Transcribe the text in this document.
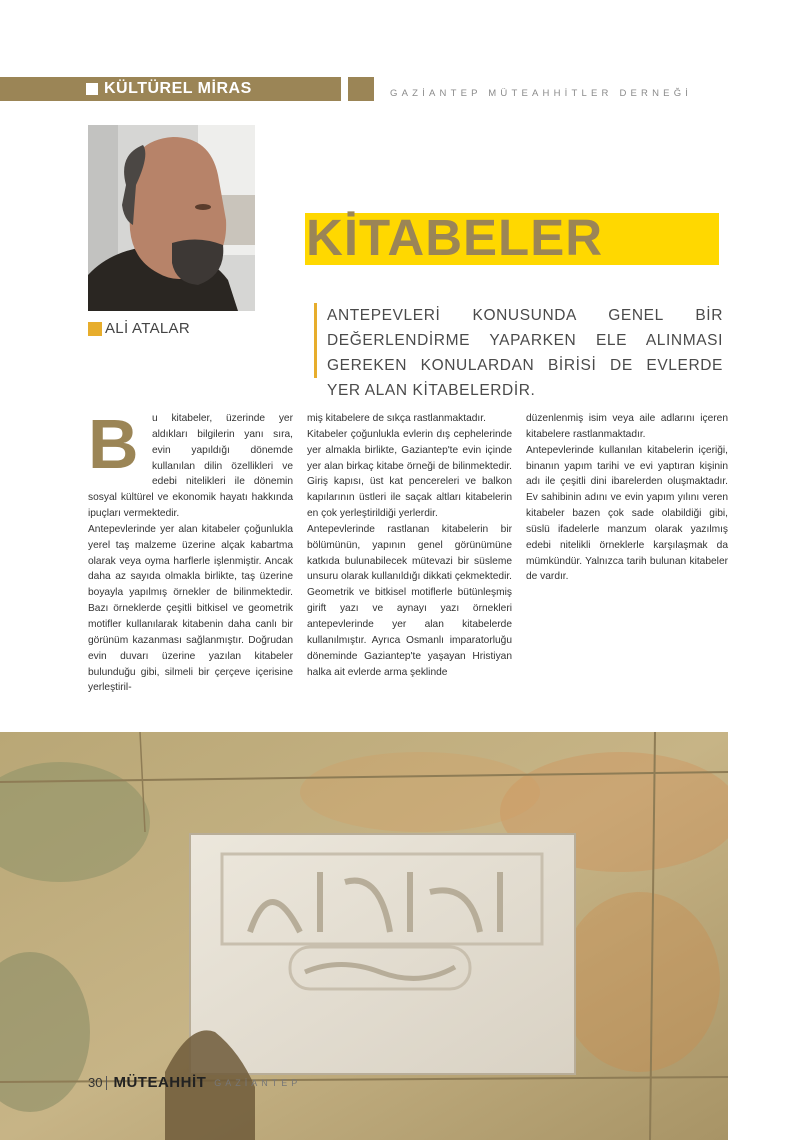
KÜLTÜREL MİRAS	GAZİANTEP MÜTEAHHİTLER DERNEĞİ
ALİ ATALAR
KİTABELER
ANTEPEVLERİ KONUSUNDA GENEL BİR DEĞERLENDİRME YAPARKEN ELE ALINMASI GEREKEN KONULARDAN BİRİSİ DE EVLERDE YER ALAN KİTABELERDİR.
B	u kitabeler, üzerinde yer aldıkları bilgilerin yanı sıra, evin yapıldığı dönemde kullanılan dilin özellikleri ve edebi nitelikleri ile dönemin sosyal kültürel ve ekonomik hayatı hakkında ipuçları vermektedir.

Antepevlerinde yer alan kitabeler çoğunlukla yerel taş malzeme üzerine alçak kabartma olarak veya oyma harflerle işlenmiştir. Ancak daha az sayıda olmakla birlikte, taş üzerine boyayla yapılmış örnekler de bilinmektedir. Bazı örneklerde çeşitli bitkisel ve geometrik motifler kullanılarak kitabenin daha canlı bir görünüm kazanması sağlanmıştır. Doğrudan evin duvarı üzerine yazılan kitabeler bulunduğu gibi, silmeli bir çerçeve içerisine yerleştiril-

miş kitabelere de sıkça rastlanmaktadır.

Kitabeler çoğunlukla evlerin dış cephelerinde yer almakla birlikte, Gaziantep'te evin içinde yer alan birkaç kitabe örneği de bilinmektedir. Giriş kapısı, üst kat pencereleri ve balkon kapılarının üstleri ile saçak altları kitabelerin en çok yerleştirildiği yerlerdir.

Antepevlerinde rastlanan kitabelerin bir bölümünün, yapının genel görünümüne katkıda bulunabilecek mütevazi bir süsleme unsuru olarak kullanıldığı dikkati çekmektedir. Geometrik ve bitkisel motiflerle bütünleşmiş girift yazı ve aynayı yazı örnekleri antepevlerinde yer alan kitabelerde kullanılmıştır. Ayrıca Osmanlı imparatorluğu döneminde Gaziantep'te yaşayan Hristiyan halka ait evlerde arma şeklinde

düzenlenmiş isim veya aile adlarını içeren kitabelere rastlanmaktadır.

Antepevlerinde kullanılan kitabelerin içeriği, binanın yapım tarihi ve evi yaptıran kişinin adı ile çeşitli dini ibarelerden oluşmaktadır. Ev sahibinin adını ve evin yapım yılını veren kitabeler bazen çok sade olabildiği gibi, süslü ifadelerle manzum olarak yazılmış edebi nitelikli örneklerle karşılaşmak da mümkündür. Yalnızca tarih bulunan kitabeler de vardır.

30 MÜTEAHHİT GAZİANTEP
